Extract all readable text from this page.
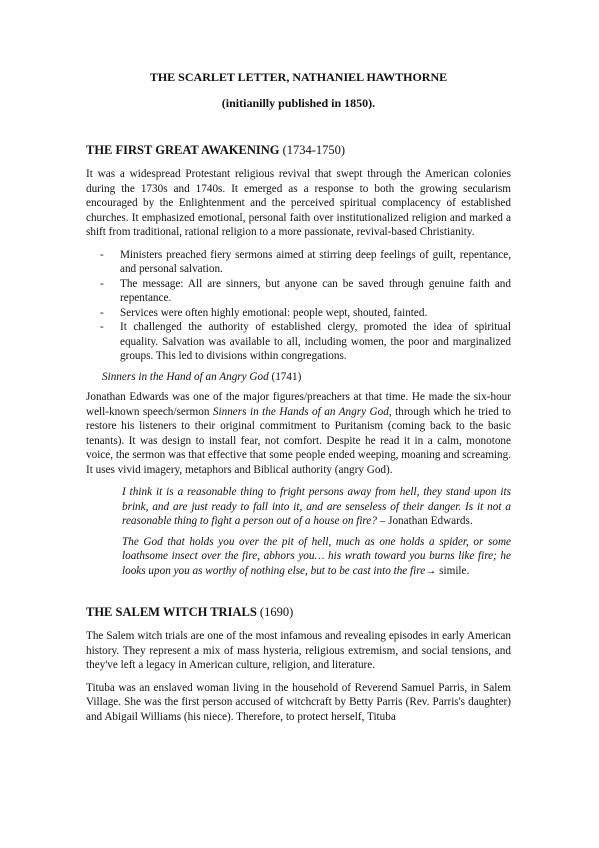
THE SCARLET LETTER, NATHANIEL HAWTHORNE
(initianilly published in 1850).
THE FIRST GREAT AWAKENING (1734-1750)

It was a widespread Protestant religious revival that swept through the American colonies during the 1730s and 1740s. It emerged as a response to both the growing secularism encouraged by the Enlightenment and the perceived spiritual complacency of established churches. It emphasized emotional, personal faith over institutionalized religion and marked a shift from traditional, rational religion to a more passionate, revival-based Christianity.

- Ministers preached fiery sermons aimed at stirring deep feelings of guilt, repentance, and personal salvation.
- The message: All are sinners, but anyone can be saved through genuine faith and repentance.
- Services were often highly emotional: people wept, shouted, fainted.
- It challenged the authority of established clergy, promoted the idea of spiritual equality. Salvation was available to all, including women, the poor and marginalized groups. This led to divisions within congregations.
Sinners in the Hand of an Angry God (1741)

Jonathan Edwards was one of the major figures/preachers at that time. He made the six-hour well-known speech/sermon Sinners in the Hands of an Angry God, through which he tried to restore his listeners to their original commitment to Puritanism (coming back to the basic tenants). It was design to install fear, not comfort. Despite he read it in a calm, monotone voice, the sermon was that effective that some people ended weeping, moaning and screaming. It uses vivid imagery, metaphors and Biblical authority (angry God).

I think it is a reasonable thing to fright persons away from hell, they stand upon its brink, and are just ready to fall into it, and are senseless of their danger. Is it not a reasonable thing to fight a person out of a house on fire? – Jonathan Edwards.

The God that holds you over the pit of hell, much as one holds a spider, or some loathsome insect over the fire, abhors you… his wrath toward you burns like fire; he looks upon you as worthy of nothing else, but to be cast into the fire→ simile.

THE SALEM WITCH TRIALS (1690)

The Salem witch trials are one of the most infamous and revealing episodes in early American history. They represent a mix of mass hysteria, religious extremism, and social tensions, and they've left a legacy in American culture, religion, and literature.

Tituba was an enslaved woman living in the household of Reverend Samuel Parris, in Salem Village. She was the first person accused of witchcraft by Betty Parris (Rev. Parris's daughter) and Abigail Williams (his niece). Therefore, to protect herself, Tituba
